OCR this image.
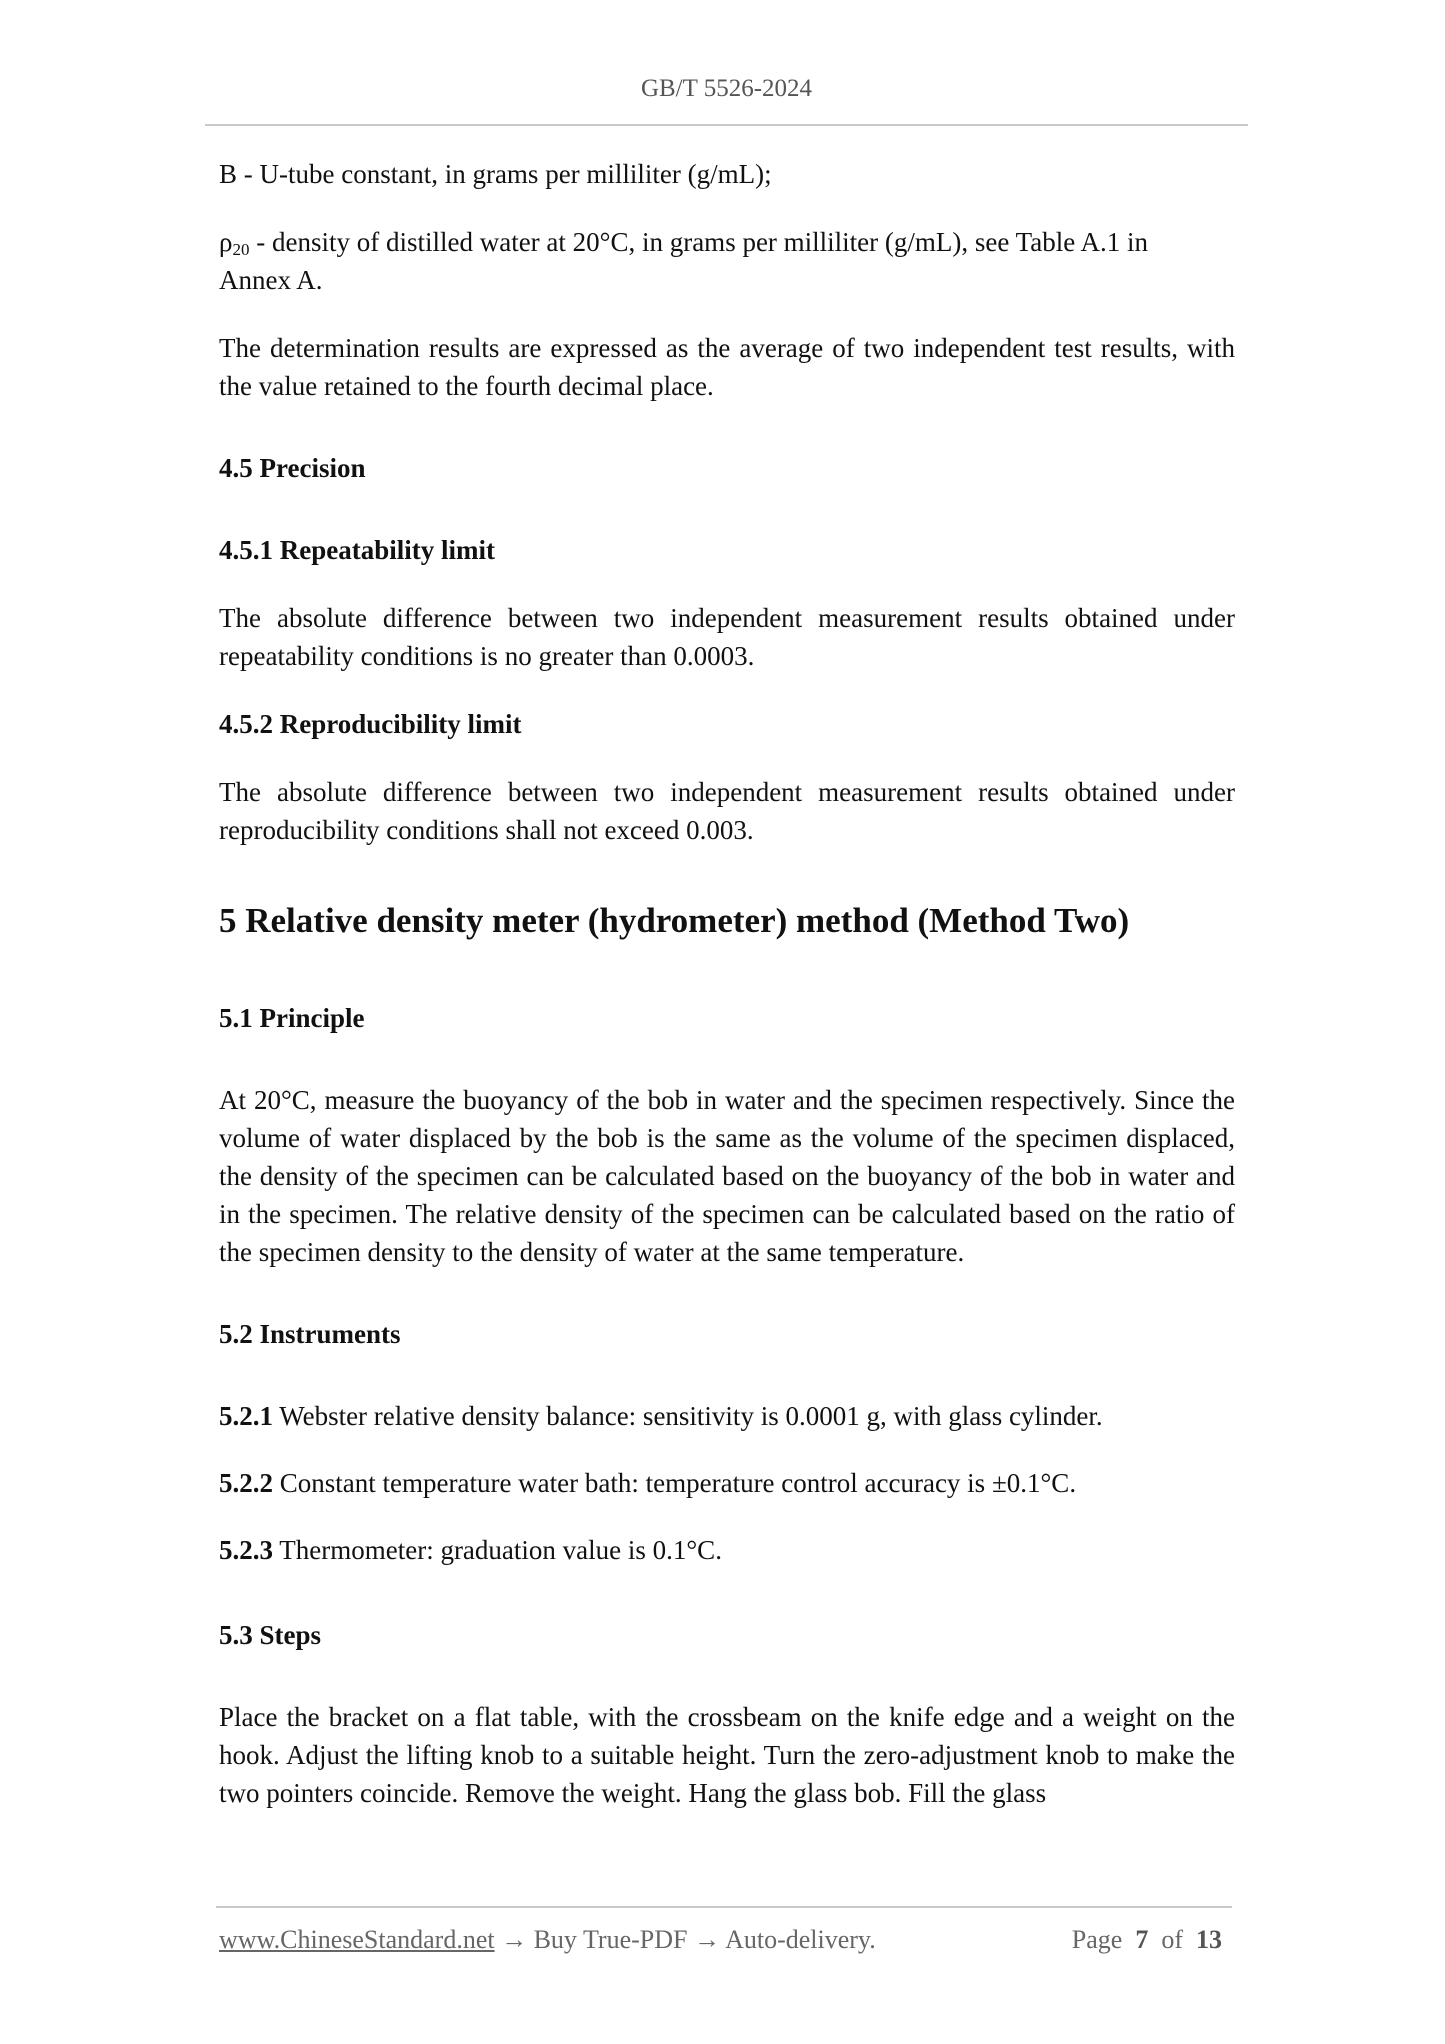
GB/T 5526-2024

B - U-tube constant, in grams per milliliter (g/mL);

$\rho_{20}$ - density of distilled water at 20°C, in grams per milliliter (g/mL), see Table A.1 in
Annex A.

The determination results are expressed as the average of two independent test results, with the value retained to the fourth decimal place.

4.5 Precision
4.5.1 Repeatability limit

The absolute difference between two independent measurement results obtained under repeatability conditions is no greater than 0.0003.

4.5.2 Reproducibility limit

The absolute difference between two independent measurement results obtained under reproducibility conditions shall not exceed 0.003.

5 Relative density meter (hydrometer) method (Method Two)
5.1 Principle

At 20°C, measure the buoyancy of the bob in water and the specimen respectively. Since the volume of water displaced by the bob is the same as the volume of the specimen displaced, the density of the specimen can be calculated based on the buoyancy of the bob in water and in the specimen. The relative density of the specimen can be calculated based on the ratio of the specimen density to the density of water at the same temperature.

5.2 Instruments

5.2.1 Webster relative density balance: sensitivity is 0.0001 g, with glass cylinder.

5.2.2 Constant temperature water bath: temperature control accuracy is ±0.1°C.

5.2.3 Thermometer: graduation value is 0.1°C.

5.3 Steps

Place the bracket on a flat table, with the crossbeam on the knife edge and a weight on the hook. Adjust the lifting knob to a suitable height. Turn the zero-adjustment knob to make the two pointers coincide. Remove the weight. Hang the glass bob. Fill the glass

www.ChineseStandard.net → Buy True-PDF → Auto-delivery.	Page 7 of 13
